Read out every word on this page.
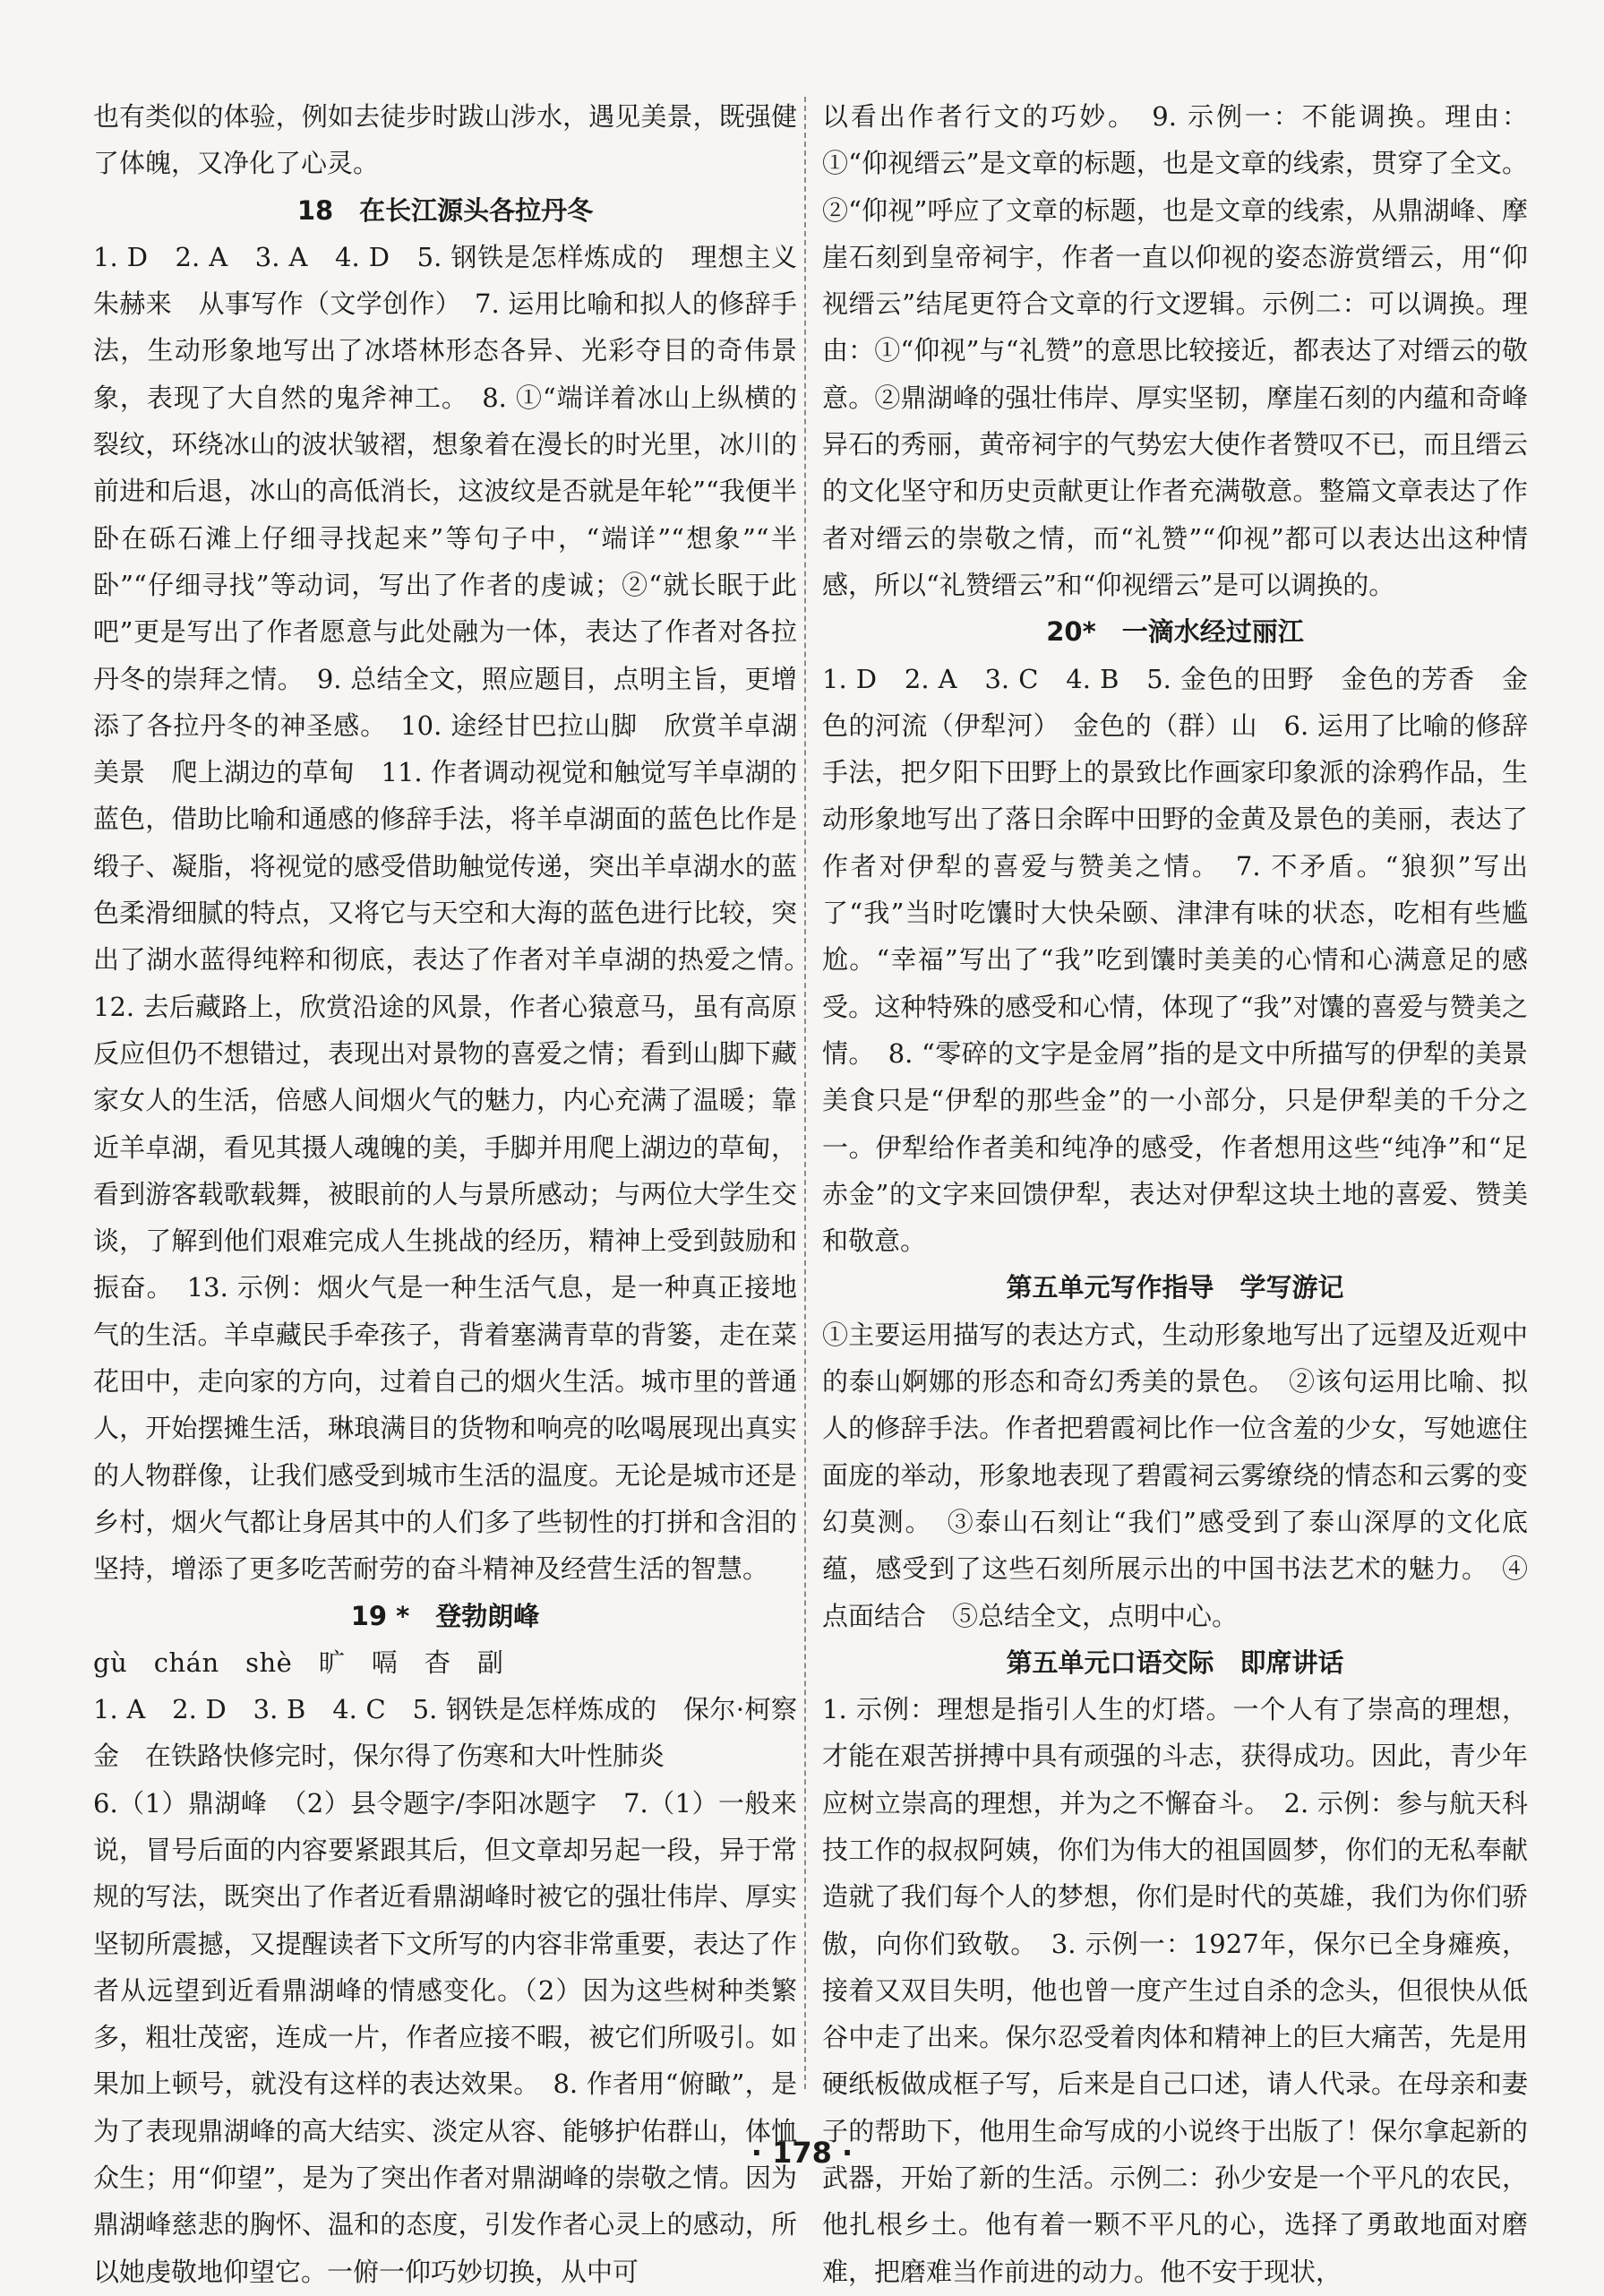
也有类似的体验，例如去徒步时跋山涉水，遇见美景，既强健了体魄，又净化了心灵。

18　在长江源头各拉丹冬

1. D　2. A　3. A　4. D　5. 钢铁是怎样炼成的　理想主义　朱赫来　从事写作（文学创作）　7. 运用比喻和拟人的修辞手法，生动形象地写出了冰塔林形态各异、光彩夺目的奇伟景象，表现了大自然的鬼斧神工。　8. ①“端详着冰山上纵横的裂纹，环绕冰山的波状皱褶，想象着在漫长的时光里，冰川的前进和后退，冰山的高低消长，这波纹是否就是年轮”“我便半卧在砾石滩上仔细寻找起来”等句子中，“端详”“想象”“半卧”“仔细寻找”等动词，写出了作者的虔诚；②“就长眠于此吧”更是写出了作者愿意与此处融为一体，表达了作者对各拉丹冬的崇拜之情。　9. 总结全文，照应题目，点明主旨，更增添了各拉丹冬的神圣感。　10. 途经甘巴拉山脚　欣赏羊卓湖美景　爬上湖边的草甸　11. 作者调动视觉和触觉写羊卓湖的蓝色，借助比喻和通感的修辞手法，将羊卓湖面的蓝色比作是缎子、凝脂，将视觉的感受借助触觉传递，突出羊卓湖水的蓝色柔滑细腻的特点，又将它与天空和大海的蓝色进行比较，突出了湖水蓝得纯粹和彻底，表达了作者对羊卓湖的热爱之情。　12. 去后藏路上，欣赏沿途的风景，作者心猿意马，虽有高原反应但仍不想错过，表现出对景物的喜爱之情；看到山脚下藏家女人的生活，倍感人间烟火气的魅力，内心充满了温暖；靠近羊卓湖，看见其摄人魂魄的美，手脚并用爬上湖边的草甸，看到游客载歌载舞，被眼前的人与景所感动；与两位大学生交谈，了解到他们艰难完成人生挑战的经历，精神上受到鼓励和振奋。　13. 示例：烟火气是一种生活气息，是一种真正接地气的生活。羊卓藏民手牵孩子，背着塞满青草的背篓，走在菜花田中，走向家的方向，过着自己的烟火生活。城市里的普通人，开始摆摊生活，琳琅满目的货物和响亮的吆喝展现出真实的人物群像，让我们感受到城市生活的温度。无论是城市还是乡村，烟火气都让身居其中的人们多了些韧性的打拼和含泪的坚持，增添了更多吃苦耐劳的奋斗精神及经营生活的智慧。

19 *　登勃朗峰

gù　chán　shè　旷　嗝　杳　副

1. A　2. D　3. B　4. C　5. 钢铁是怎样炼成的　保尔·柯察金　在铁路快修完时，保尔得了伤寒和大叶性肺炎

6.（1）鼎湖峰　（2）县令题字/李阳冰题字　7.（1）一般来说，冒号后面的内容要紧跟其后，但文章却另起一段，异于常规的写法，既突出了作者近看鼎湖峰时被它的强壮伟岸、厚实坚韧所震撼，又提醒读者下文所写的内容非常重要，表达了作者从远望到近看鼎湖峰的情感变化。（2）因为这些树种类繁多，粗壮茂密，连成一片，作者应接不暇，被它们所吸引。如果加上顿号，就没有这样的表达效果。　8. 作者用“俯瞰”，是为了表现鼎湖峰的高大结实、淡定从容、能够护佑群山，体恤众生；用“仰望”，是为了突出作者对鼎湖峰的崇敬之情。因为鼎湖峰慈悲的胸怀、温和的态度，引发作者心灵上的感动，所以她虔敬地仰望它。一俯一仰巧妙切换，从中可

以看出作者行文的巧妙。　9. 示例一：不能调换。理由：①“仰视缙云”是文章的标题，也是文章的线索，贯穿了全文。②“仰视”呼应了文章的标题，也是文章的线索，从鼎湖峰、摩崖石刻到皇帝祠宇，作者一直以仰视的姿态游赏缙云，用“仰视缙云”结尾更符合文章的行文逻辑。示例二：可以调换。理由：①“仰视”与“礼赞”的意思比较接近，都表达了对缙云的敬意。②鼎湖峰的强壮伟岸、厚实坚韧，摩崖石刻的内蕴和奇峰异石的秀丽，黄帝祠宇的气势宏大使作者赞叹不已，而且缙云的文化坚守和历史贡献更让作者充满敬意。整篇文章表达了作者对缙云的崇敬之情，而“礼赞”“仰视”都可以表达出这种情感，所以“礼赞缙云”和“仰视缙云”是可以调换的。

20*　一滴水经过丽江

1. D　2. A　3. C　4. B　5. 金色的田野　金色的芳香　金色的河流（伊犁河）　金色的（群）山　6. 运用了比喻的修辞手法，把夕阳下田野上的景致比作画家印象派的涂鸦作品，生动形象地写出了落日余晖中田野的金黄及景色的美丽，表达了作者对伊犁的喜爱与赞美之情。　7. 不矛盾。“狼狈”写出了“我”当时吃馕时大快朵颐、津津有味的状态，吃相有些尴尬。“幸福”写出了“我”吃到馕时美美的心情和心满意足的感受。这种特殊的感受和心情，体现了“我”对馕的喜爱与赞美之情。　8. “零碎的文字是金屑”指的是文中所描写的伊犁的美景美食只是“伊犁的那些金”的一小部分，只是伊犁美的千分之一。伊犁给作者美和纯净的感受，作者想用这些“纯净”和“足赤金”的文字来回馈伊犁，表达对伊犁这块土地的喜爱、赞美和敬意。

第五单元写作指导　学写游记

①主要运用描写的表达方式，生动形象地写出了远望及近观中的泰山婀娜的形态和奇幻秀美的景色。　②该句运用比喻、拟人的修辞手法。作者把碧霞祠比作一位含羞的少女，写她遮住面庞的举动，形象地表现了碧霞祠云雾缭绕的情态和云雾的变幻莫测。　③泰山石刻让“我们”感受到了泰山深厚的文化底蕴，感受到了这些石刻所展示出的中国书法艺术的魅力。　④点面结合　⑤总结全文，点明中心。

第五单元口语交际　即席讲话

1. 示例：理想是指引人生的灯塔。一个人有了崇高的理想，才能在艰苦拼搏中具有顽强的斗志，获得成功。因此，青少年应树立崇高的理想，并为之不懈奋斗。　2. 示例：参与航天科技工作的叔叔阿姨，你们为伟大的祖国圆梦，你们的无私奉献造就了我们每个人的梦想，你们是时代的英雄，我们为你们骄傲，向你们致敬。　3. 示例一：1927年，保尔已全身瘫痪，接着又双目失明，他也曾一度产生过自杀的念头，但很快从低谷中走了出来。保尔忍受着肉体和精神上的巨大痛苦，先是用硬纸板做成框子写，后来是自己口述，请人代录。在母亲和妻子的帮助下，他用生命写成的小说终于出版了！保尔拿起新的武器，开始了新的生活。示例二：孙少安是一个平凡的农民，他扎根乡土。他有着一颗不平凡的心，选择了勇敢地面对磨难，把磨难当作前进的动力。他不安于现状，

· 178 ·
